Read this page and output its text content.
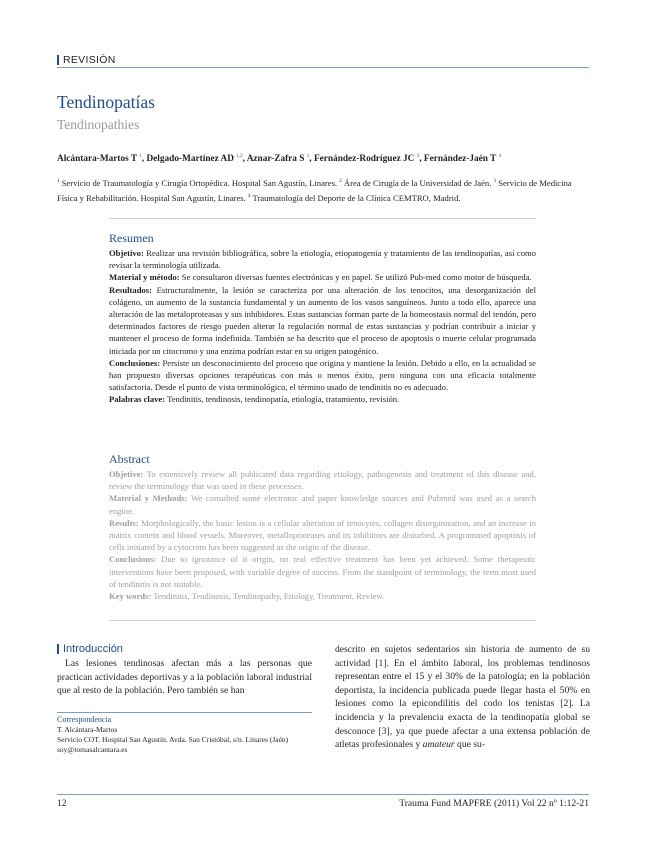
REVISIÓN
Tendinopatías
Tendinopathies
Alcántara-Martos T $^1$, Delgado-Martínez AD $^{1,2}$, Aznar-Zafra S $^1$, Fernández-Rodríguez JC $^3$, Fernández-Jaén T $^4$
$^1$ Servicio de Traumatología y Cirugía Ortopédica. Hospital San Agustín, Linares. $^2$ Área de Cirugía de la Universidad de Jaén. $^3$ Servicio de Medicina Física y Rehabilitación. Hospital San Agustín, Linares. $^4$ Traumatología del Deporte de la Clínica CEMTRO, Madrid.
Resumen

Objetivo: Realizar una revisión bibliográfica, sobre la etiología, etiopatogenia y tratamiento de las tendinopatías, así como revisar la terminología utilizada.

Material y método: Se consultaron diversas fuentes electrónicas y en papel. Se utilizó Pub-med como motor de búsqueda.

Resultados: Estructuralmente, la lesión se caracteriza por una alteración de los tenocitos, una desorganización del colágeno, un aumento de la sustancia fundamental y un aumento de los vasos sanguíneos. Junto a todo ello, aparece una alteración de las metaloproteasas y sus inhibidores. Estas sustancias forman parte de la homeostasis normal del tendón, pero determinados factores de riesgo pueden alterar la regulación normal de estas sustancias y podrían contribuir a iniciar y mantener el proceso de forma indefinida. También se ha descrito que el proceso de apoptosis o muerte celular programada iniciada por un citocromo y una enzima podrían estar en su origen patogénico.

Conclusiones: Persiste un desconocimiento del proceso que origina y mantiene la lesión. Debido a ello, en la actualidad se han propuesto diversas opciones terapéuticas con más o menos éxito, pero ninguna con una eficacia totalmente satisfactoria. Desde el punto de vista terminológico, el término usado de tendinitis no es adecuado.

Palabras clave: Tendinitis, tendinosis, tendinopatía, etiología, tratamiento, revisión.

Abstract

Objetive: To extensively review all publicated data regarding etiology, pathogenesis and treatment of this disease and, review the terminology that was used in these processes.

Material y Methods: We consulted some electronic and paper knowledge sources and Pubmed was used as a search engine.

Results: Morphologically, the basic lesion is a cellular alteration of tenocytes, collagen disorganization, and an increase in matrix content and blood vessels. Moreover, metalloproteases and its inhibitors are disturbed. A programmed apoptosis of cells initiated by a cytocrom has been suggested as the origin of the disease.

Conclusions: Due to ignorance of it origin, no real effective treatment has been yet achieved. Some therapeutic interventions have been proposed, with variable degree of success. From the standpoint of terminology, the term most used of tendinitis is not suitable.

Key words: Tendinitis, Tendinosis, Tendinopathy, Etiology, Treatment, Review.

Introducción

Las lesiones tendinosas afectan más a las personas que practican actividades deportivas y a la población laboral industrial que al resto de la población. Pero también se han

descrito en sujetos sedentarios sin historia de aumento de su actividad [1]. En el ámbito laboral, los problemas tendinosos representan entre el 15 y el 30% de la patología; en la población deportista, la incidencia publicada puede llegar hasta el 50% en lesiones como la epicondilitis del codo los tenistas [2]. La incidencia y la prevalencia exacta de la tendinopatía global se desconoce [3], ya que puede afectar a una extensa población de atletas profesionales y amateur que su-

Correspondencia
T. Alcántara-Martos
Servicio COT. Hospital San Agustín. Avda. San Cristóbal, s/n. Linares (Jaén)
soy@tomasalcantara.es
12	Trauma Fund MAPFRE (2011) Vol 22 nº 1:12-21
